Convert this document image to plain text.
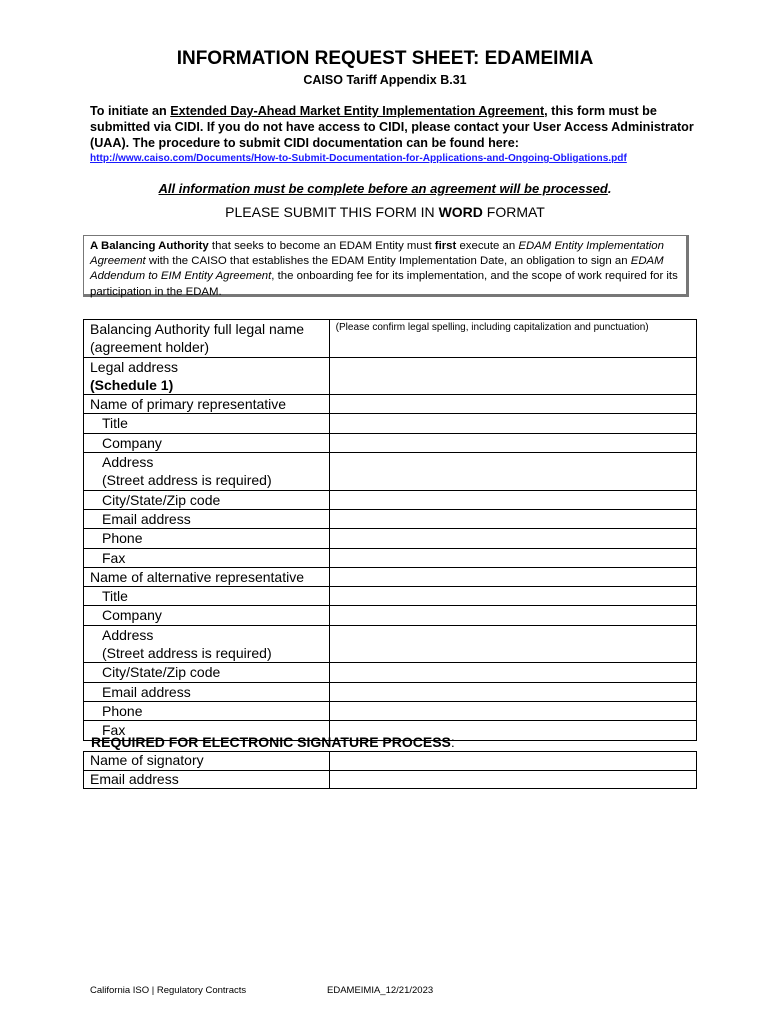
INFORMATION REQUEST SHEET: EDAMEIMIA
CAISO Tariff Appendix B.31
To initiate an Extended Day-Ahead Market Entity Implementation Agreement, this form must be submitted via CIDI. If you do not have access to CIDI, please contact your User Access Administrator (UAA). The procedure to submit CIDI documentation can be found here:
http://www.caiso.com/Documents/How-to-Submit-Documentation-for-Applications-and-Ongoing-Obligations.pdf
All information must be complete before an agreement will be processed.
PLEASE SUBMIT THIS FORM IN WORD FORMAT
A Balancing Authority that seeks to become an EDAM Entity must first execute an EDAM Entity Implementation Agreement with the CAISO that establishes the EDAM Entity Implementation Date, an obligation to sign an EDAM Addendum to EIM Entity Agreement, the onboarding fee for its implementation, and the scope of work required for its participation in the EDAM.
Balancing Authority full legal name (agreement holder)	(Please confirm legal spelling, including capitalization and punctuation)
Legal address
(Schedule 1)	
Name of primary representative	
Title	
Company	
Address
(Street address is required)	
City/State/Zip code	
Email address	
Phone	
Fax	
Name of alternative representative	
Title	
Company	
Address
(Street address is required)	
City/State/Zip code	
Email address	
Phone	
Fax	
REQUIRED FOR ELECTRONIC SIGNATURE PROCESS:
Name of signatory	
Email address	
California ISO | Regulatory Contracts	EDAMEIMIA_12/21/2023
